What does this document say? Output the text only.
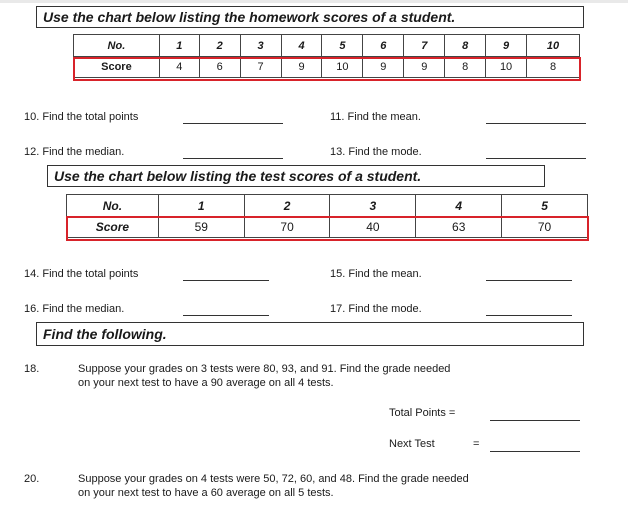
Use the chart below listing the homework scores of a student.
No.	1	2	3	4	5	6	7	8	9	10
Score	4	6	7	9	10	9	9	8	10	8
10. Find the total points	11. Find the mean.
12. Find the median.	13. Find the mode.
Use the chart below listing the test scores of a student.
No.	1	2	3	4	5
Score	59	70	40	63	70
14. Find the total points	15. Find the mean.
16. Find the median.	17. Find the mode.
Find the following.
18.	Suppose your grades on 3 tests were 80, 93, and 91. Find the grade needed
on your next test to have a 90 average on all 4 tests.
Total Points =
Next Test	=
20.	Suppose your grades on 4 tests were 50, 72, 60, and 48. Find the grade needed
on your next test to have a 60 average on all 5 tests.
